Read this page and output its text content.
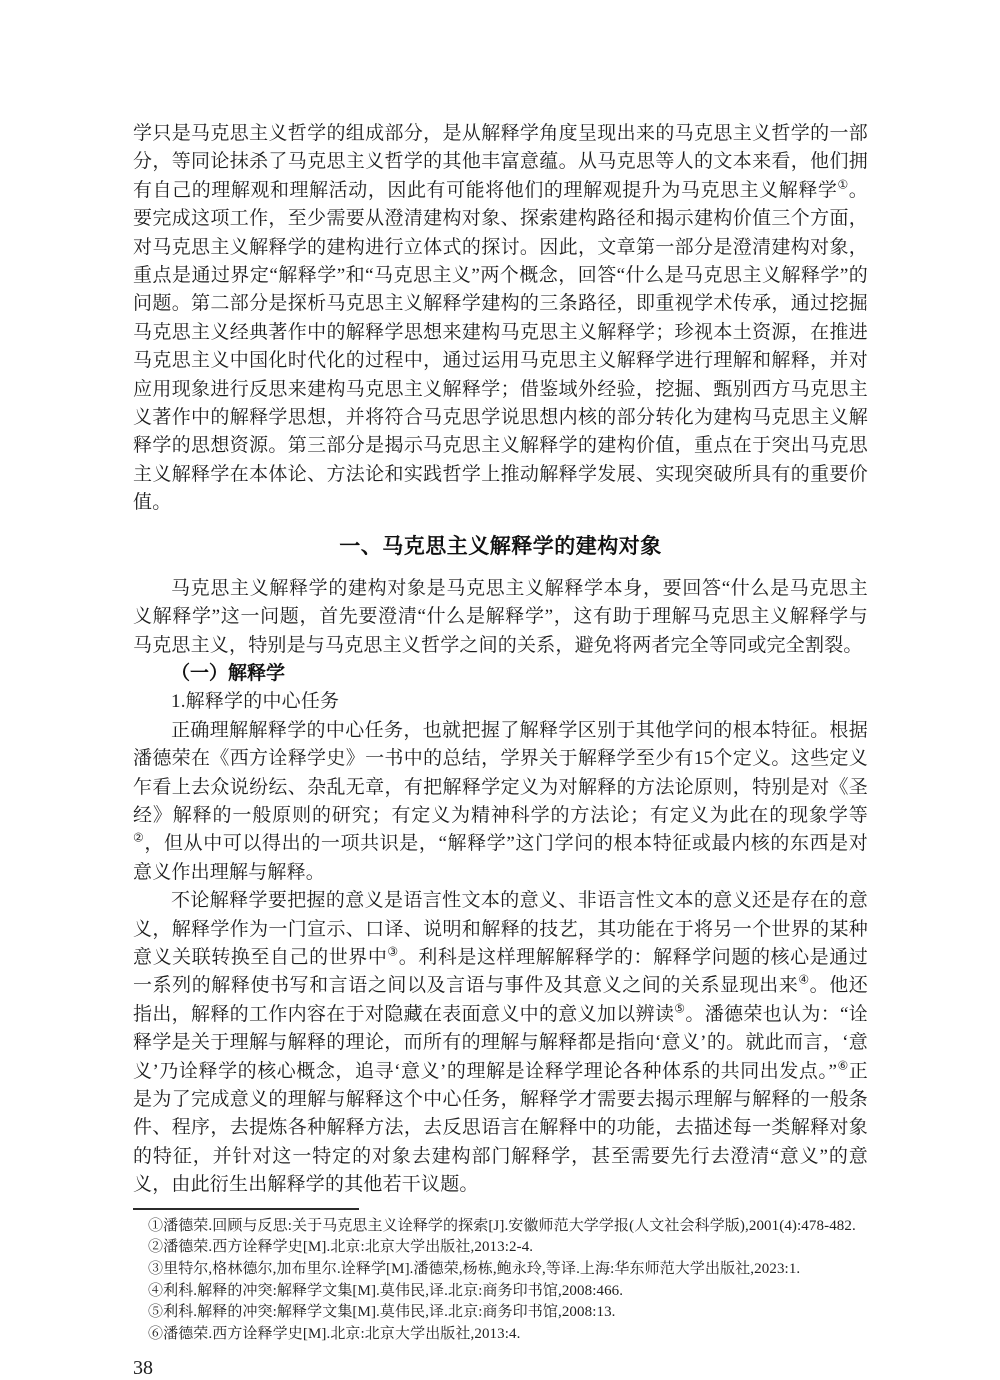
学只是马克思主义哲学的组成部分，是从解释学角度呈现出来的马克思主义哲学的一部分，等同论抹杀了马克思主义哲学的其他丰富意蕴。从马克思等人的文本来看，他们拥有自己的理解观和理解活动，因此有可能将他们的理解观提升为马克思主义解释学①。要完成这项工作，至少需要从澄清建构对象、探索建构路径和揭示建构价值三个方面，对马克思主义解释学的建构进行立体式的探讨。因此，文章第一部分是澄清建构对象，重点是通过界定“解释学”和“马克思主义”两个概念，回答“什么是马克思主义解释学”的问题。第二部分是探析马克思主义解释学建构的三条路径，即重视学术传承，通过挖掘马克思主义经典著作中的解释学思想来建构马克思主义解释学；珍视本土资源，在推进马克思主义中国化时代化的过程中，通过运用马克思主义解释学进行理解和解释，并对应用现象进行反思来建构马克思主义解释学；借鉴域外经验，挖掘、甄别西方马克思主义著作中的解释学思想，并将符合马克思学说思想内核的部分转化为建构马克思主义解释学的思想资源。第三部分是揭示马克思主义解释学的建构价值，重点在于突出马克思主义解释学在本体论、方法论和实践哲学上推动解释学发展、实现突破所具有的重要价值。

一、马克思主义解释学的建构对象

马克思主义解释学的建构对象是马克思主义解释学本身，要回答“什么是马克思主义解释学”这一问题，首先要澄清“什么是解释学”，这有助于理解马克思主义解释学与马克思主义，特别是与马克思主义哲学之间的关系，避免将两者完全等同或完全割裂。

（一）解释学

1.解释学的中心任务

正确理解解释学的中心任务，也就把握了解释学区别于其他学问的根本特征。根据潘德荣在《西方诠释学史》一书中的总结，学界关于解释学至少有15个定义。这些定义乍看上去众说纷纭、杂乱无章，有把解释学定义为对解释的方法论原则，特别是对《圣经》解释的一般原则的研究；有定义为精神科学的方法论；有定义为此在的现象学等②，但从中可以得出的一项共识是，“解释学”这门学问的根本特征或最内核的东西是对意义作出理解与解释。

不论解释学要把握的意义是语言性文本的意义、非语言性文本的意义还是存在的意义，解释学作为一门宣示、口译、说明和解释的技艺，其功能在于将另一个世界的某种意义关联转换至自己的世界中③。利科是这样理解解释学的：解释学问题的核心是通过一系列的解释使书写和言语之间以及言语与事件及其意义之间的关系显现出来④。他还指出，解释的工作内容在于对隐藏在表面意义中的意义加以辨读⑤。潘德荣也认为：“诠释学是关于理解与解释的理论，而所有的理解与解释都是指向‘意义’的。就此而言，‘意义’乃诠释学的核心概念，追寻‘意义’的理解是诠释学理论各种体系的共同出发点。”⑥正是为了完成意义的理解与解释这个中心任务，解释学才需要去揭示理解与解释的一般条件、程序，去提炼各种解释方法，去反思语言在解释中的功能，去描述每一类解释对象的特征，并针对这一特定的对象去建构部门解释学，甚至需要先行去澄清“意义”的意义，由此衍生出解释学的其他若干议题。

①潘德荣.回顾与反思:关于马克思主义诠释学的探索[J].安徽师范大学学报(人文社会科学版),2001(4):478-482.
②潘德荣.西方诠释学史[M].北京:北京大学出版社,2013:2-4.
③里特尔,格林德尔,加布里尔.诠释学[M].潘德荣,杨栋,鲍永玲,等译.上海:华东师范大学出版社,2023:1.
④利科.解释的冲突:解释学文集[M].莫伟民,译.北京:商务印书馆,2008:466.
⑤利科.解释的冲突:解释学文集[M].莫伟民,译.北京:商务印书馆,2008:13.
⑥潘德荣.西方诠释学史[M].北京:北京大学出版社,2013:4.
38
